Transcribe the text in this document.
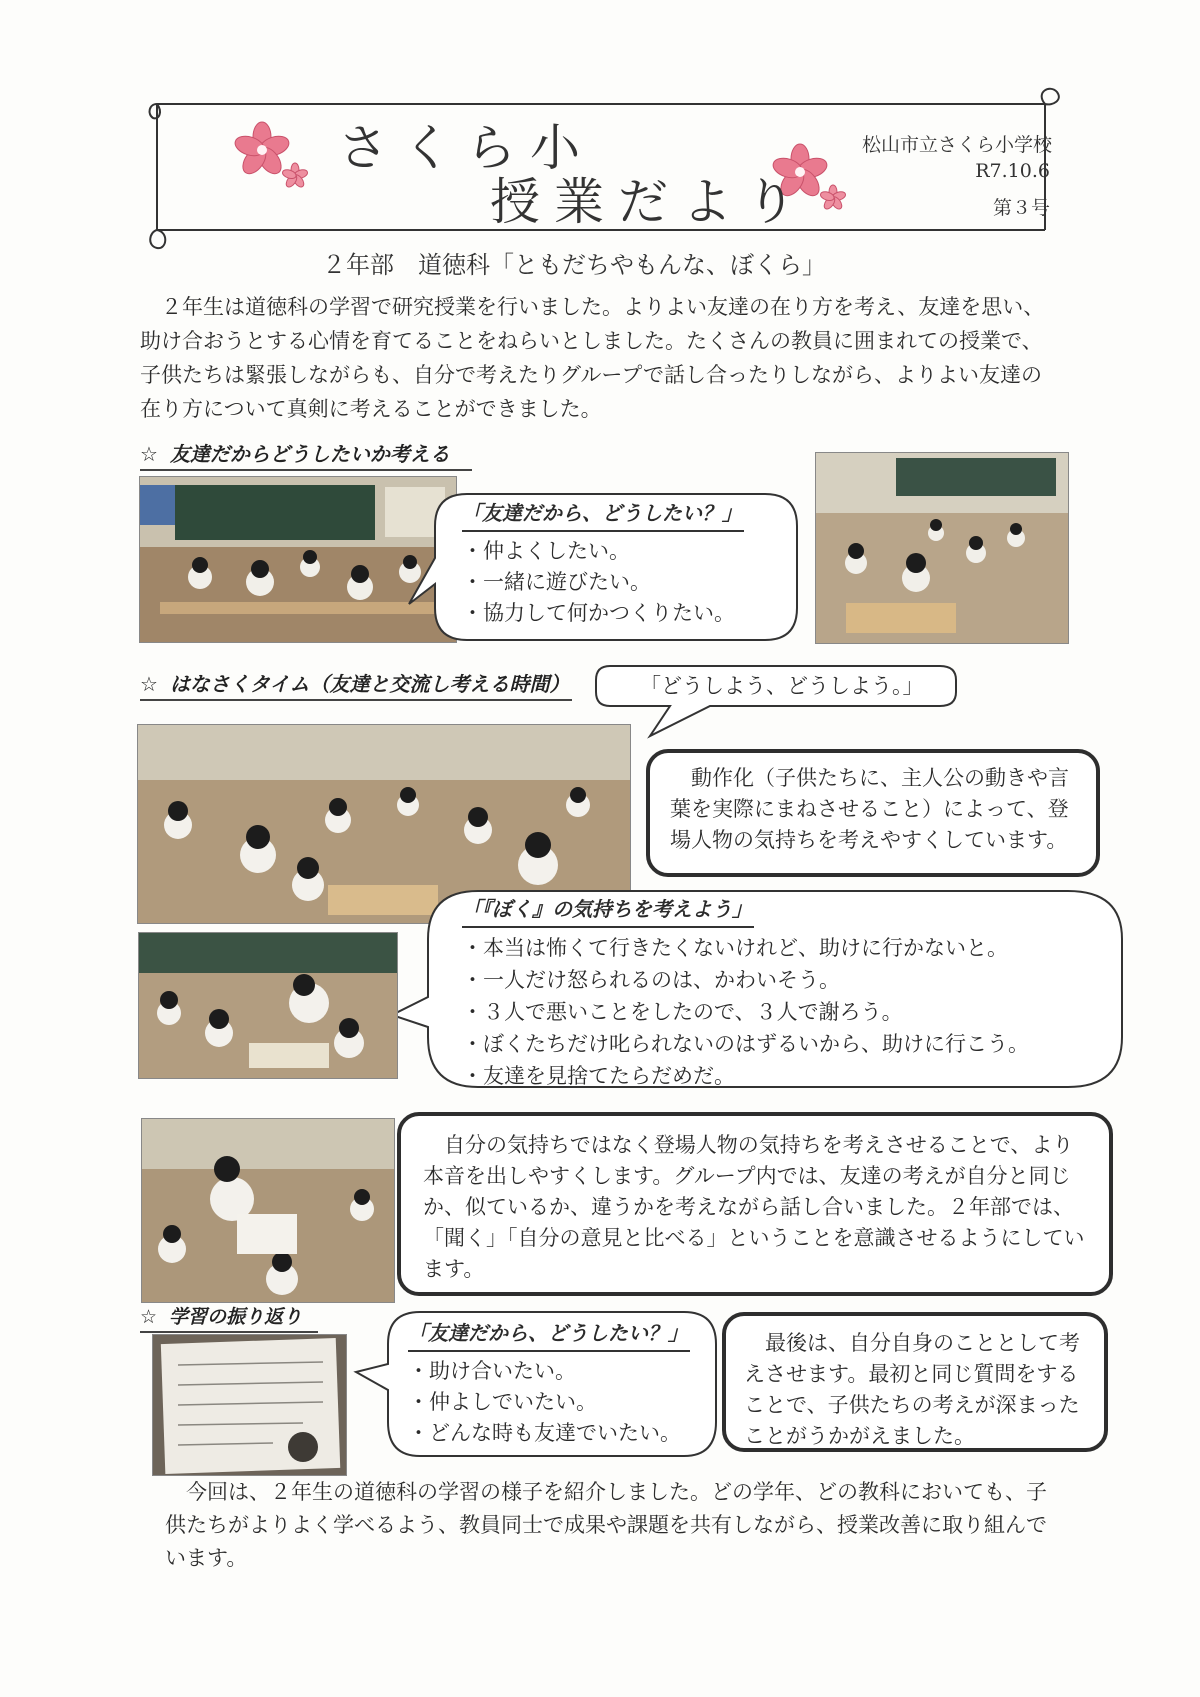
さくら小
授業だより
松山市立さくら小学校
R7.10.6
第３号
２年部　道徳科「ともだちやもんな、ぼくら」

　２年生は道徳科の学習で研究授業を行いました。よりよい友達の在り方を考え、友達を思い、助け合おうとする心情を育てることをねらいとしました。たくさんの教員に囲まれての授業で、子供たちは緊張しながらも、自分で考えたりグループで話し合ったりしながら、よりよい友達の在り方について真剣に考えることができました。

☆ 友達だからどうしたいか考える
「友達だから、どうしたい？」
・ 仲よくしたい。
・ 一緒に遊びたい。
・ 協力して何かつくりたい。
☆ はなさくタイム（友達と交流し考える時間）	「どうしよう、どうしよう。」

動作化（子供たちに、主人公の動きや言葉を実際にまねさせること）によって、登場人物の気持ちを考えやすくしています。

「『ぼく』の気持ちを考えよう」
・ 本当は怖くて行きたくないけれど、助けに行かないと。
・ 一人だけ怒られるのは、かわいそう。
・ ３人で悪いことをしたので、３人で謝ろう。
・ ぼくたちだけ叱られないのはずるいから、助けに行こう。
・ 友達を見捨てたらだめだ。

自分の気持ちではなく登場人物の気持ちを考えさせることで、より本音を出しやすくします。グループ内では、友達の考えが自分と同じか、似ているか、違うかを考えながら話し合いました。２年部では、「聞く」「自分の意見と比べる」ということを意識させるようにしています。

☆ 学習の振り返り
「友達だから、どうしたい？」
・ 助け合いたい。
・ 仲よしでいたい。
・ どんな時も友達でいたい。

最後は、自分自身のこととして考えさせます。最初と同じ質問をすることで、子供たちの考えが深まったことがうかがえました。

　今回は、２年生の道徳科の学習の様子を紹介しました。どの学年、どの教科においても、子供たちがよりよく学べるよう、教員同士で成果や課題を共有しながら、授業改善に取り組んでいます。
